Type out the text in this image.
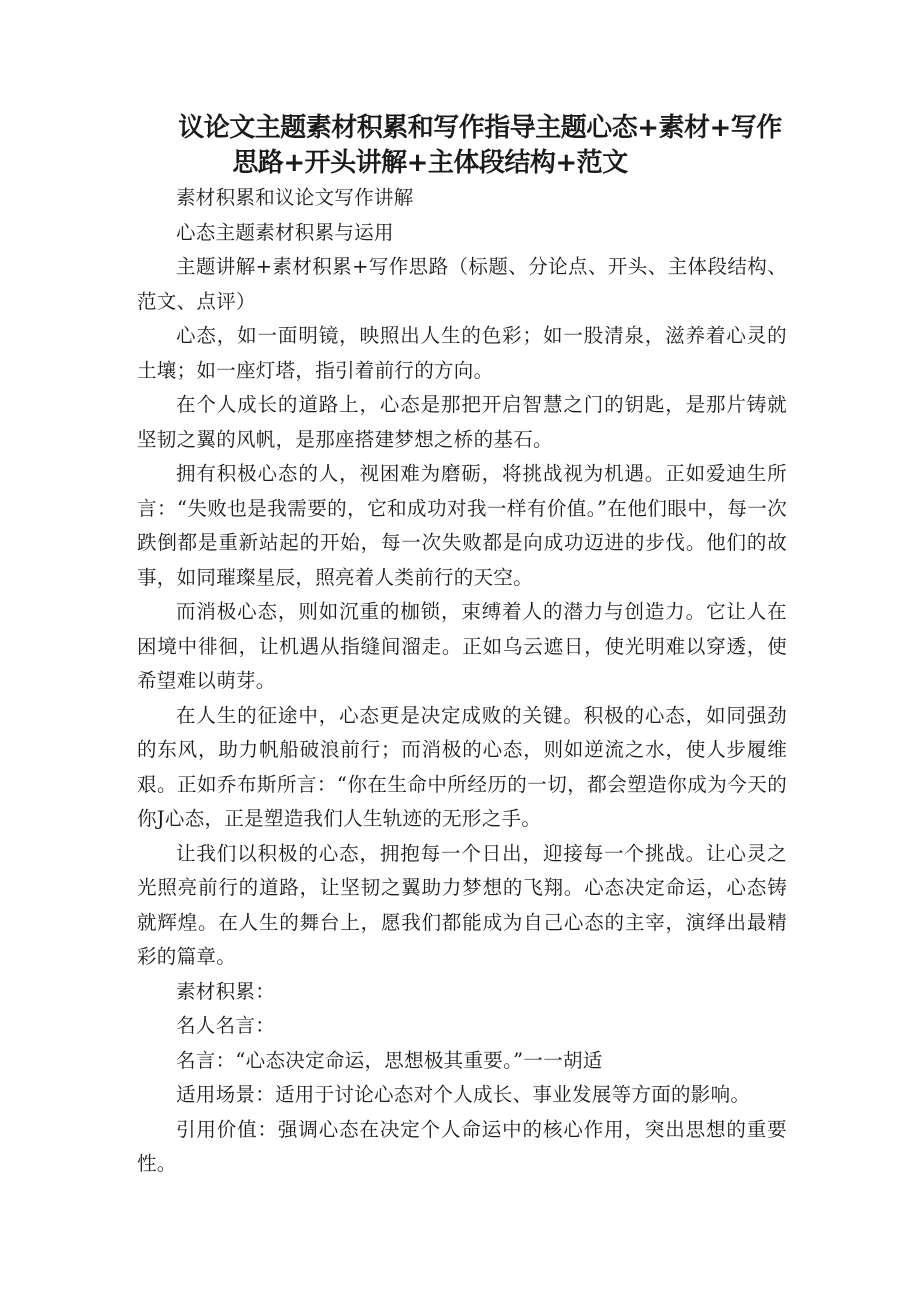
议论文主题素材积累和写作指导主题心态+素材+写作
思路+开头讲解+主体段结构+范文

素材积累和议论文写作讲解

心态主题素材积累与运用

主题讲解+素材积累+写作思路（标题、分论点、开头、主体段结构、范文、点评）

心态，如一面明镜，映照出人生的色彩；如一股清泉，滋养着心灵的土壤；如一座灯塔，指引着前行的方向。

在个人成长的道路上，心态是那把开启智慧之门的钥匙，是那片铸就坚韧之翼的风帆，是那座搭建梦想之桥的基石。

拥有积极心态的人，视困难为磨砺，将挑战视为机遇。正如爱迪生所言：“失败也是我需要的，它和成功对我一样有价值。”在他们眼中，每一次跌倒都是重新站起的开始，每一次失败都是向成功迈进的步伐。他们的故事，如同璀璨星辰，照亮着人类前行的天空。

而消极心态，则如沉重的枷锁，束缚着人的潜力与创造力。它让人在困境中徘徊，让机遇从指缝间溜走。正如乌云遮日，使光明难以穿透，使希望难以萌芽。

在人生的征途中，心态更是决定成败的关键。积极的心态，如同强劲的东风，助力帆船破浪前行；而消极的心态，则如逆流之水，使人步履维艰。正如乔布斯所言：“你在生命中所经历的一切，都会塑造你成为今天的你J心态，正是塑造我们人生轨迹的无形之手。

让我们以积极的心态，拥抱每一个日出，迎接每一个挑战。让心灵之光照亮前行的道路，让坚韧之翼助力梦想的飞翔。心态决定命运，心态铸就辉煌。在人生的舞台上，愿我们都能成为自己心态的主宰，演绎出最精彩的篇章。

素材积累：

名人名言：

名言：“心态决定命运，思想极其重要。”一一胡适

适用场景：适用于讨论心态对个人成长、事业发展等方面的影响。

引用价值：强调心态在决定个人命运中的核心作用，突出思想的重要性。
